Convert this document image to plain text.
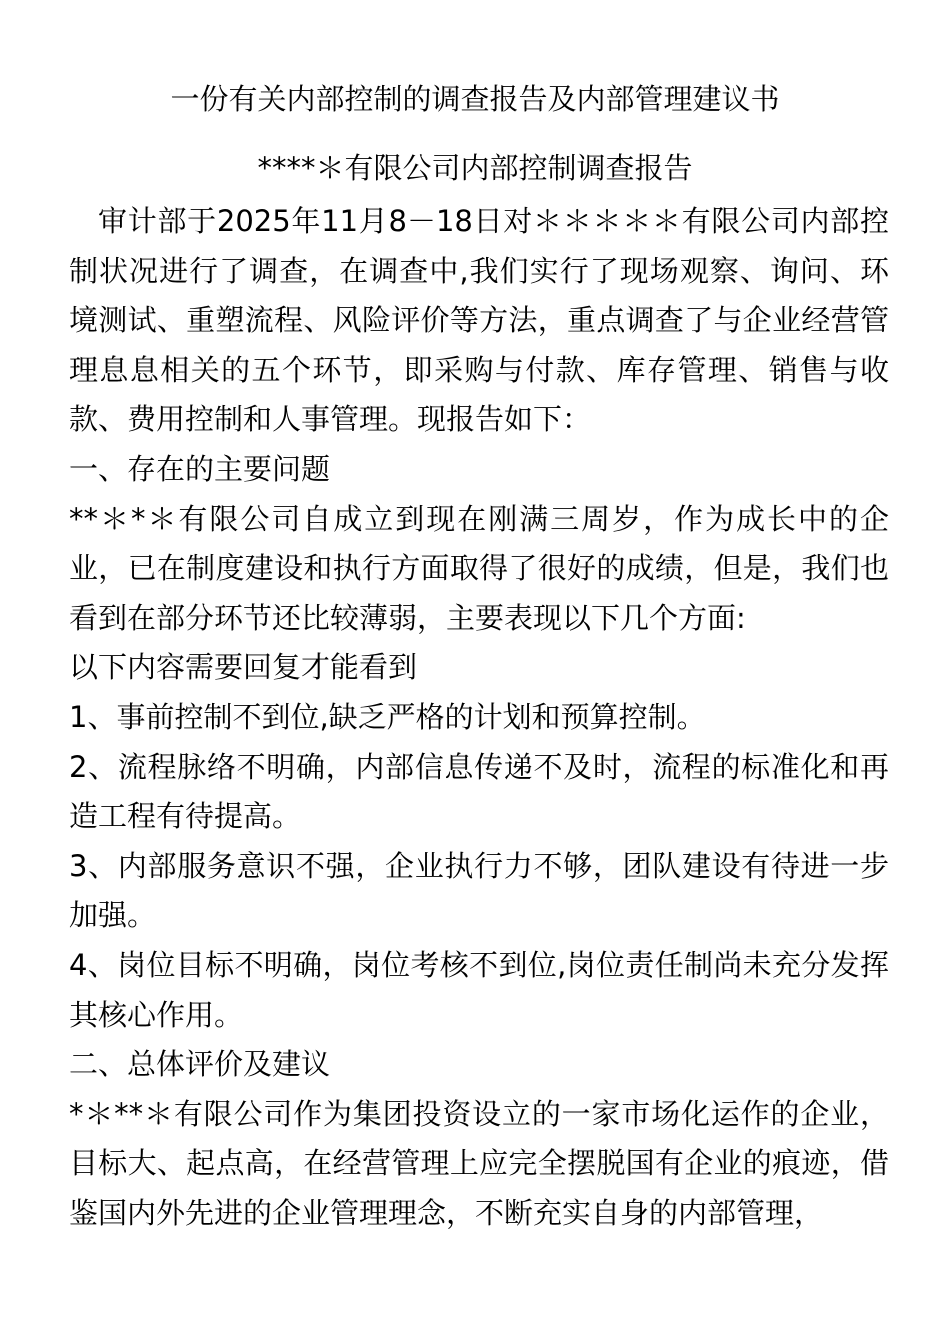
一份有关内部控制的调查报告及内部管理建议书
****＊有限公司内部控制调查报告

审计部于2025年11月8－18日对＊＊＊＊＊有限公司内部控制状况进行了调查，在调查中,我们实行了现场观察、询问、环境测试、重塑流程、风险评价等方法，重点调查了与企业经营管理息息相关的五个环节，即采购与付款、库存管理、销售与收款、费用控制和人事管理。现报告如下：

一、存在的主要问题

**＊*＊有限公司自成立到现在刚满三周岁，作为成长中的企业，已在制度建设和执行方面取得了很好的成绩，但是，我们也看到在部分环节还比较薄弱，主要表现以下几个方面:

以下内容需要回复才能看到

1、事前控制不到位,缺乏严格的计划和预算控制。

2、流程脉络不明确，内部信息传递不及时，流程的标准化和再造工程有待提高。

3、内部服务意识不强，企业执行力不够，团队建设有待进一步加强。

4、岗位目标不明确，岗位考核不到位,岗位责任制尚未充分发挥其核心作用。

二、总体评价及建议

*＊**＊有限公司作为集团投资设立的一家市场化运作的企业，目标大、起点高，在经营管理上应完全摆脱国有企业的痕迹，借鉴国内外先进的企业管理理念，不断充实自身的内部管理，
